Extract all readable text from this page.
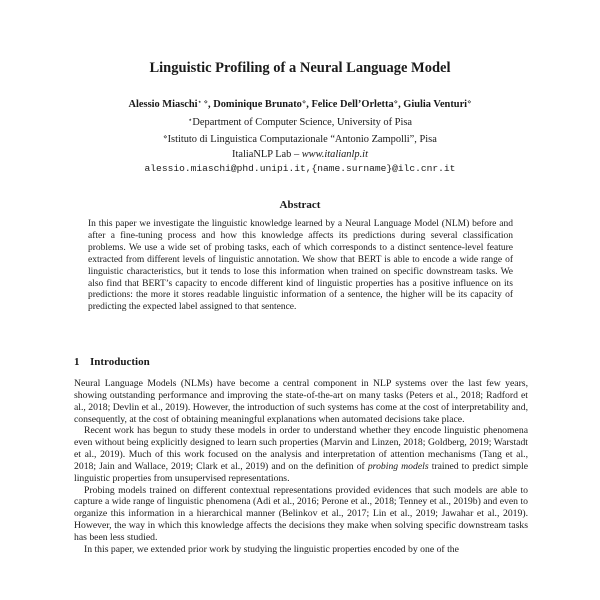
Linguistic Profiling of a Neural Language Model
Alessio Miaschi⋆ ⋄, Dominique Brunato⋄, Felice Dell’Orletta⋄, Giulia Venturi⋄
⋆Department of Computer Science, University of Pisa
⋄Istituto di Linguistica Computazionale “Antonio Zampolli”, Pisa
ItaliaNLP Lab – www.italianlp.it
alessio.miaschi@phd.unipi.it,{name.surname}@ilc.cnr.it
Abstract

In this paper we investigate the linguistic knowledge learned by a Neural Language Model (NLM) before and after a fine-tuning process and how this knowledge affects its predictions during several classification problems. We use a wide set of probing tasks, each of which corresponds to a distinct sentence-level feature extracted from different levels of linguistic annotation. We show that BERT is able to encode a wide range of linguistic characteristics, but it tends to lose this information when trained on specific downstream tasks. We also find that BERT’s capacity to encode different kind of linguistic properties has a positive influence on its predictions: the more it stores readable linguistic information of a sentence, the higher will be its capacity of predicting the expected label assigned to that sentence.

1 Introduction

Neural Language Models (NLMs) have become a central component in NLP systems over the last few years, showing outstanding performance and improving the state-of-the-art on many tasks (Peters et al., 2018; Radford et al., 2018; Devlin et al., 2019). However, the introduction of such systems has come at the cost of interpretability and, consequently, at the cost of obtaining meaningful explanations when automated decisions take place.

Recent work has begun to study these models in order to understand whether they encode linguistic phenomena even without being explicitly designed to learn such properties (Marvin and Linzen, 2018; Goldberg, 2019; Warstadt et al., 2019). Much of this work focused on the analysis and interpretation of attention mechanisms (Tang et al., 2018; Jain and Wallace, 2019; Clark et al., 2019) and on the definition of probing models trained to predict simple linguistic properties from unsupervised representations.

Probing models trained on different contextual representations provided evidences that such models are able to capture a wide range of linguistic phenomena (Adi et al., 2016; Perone et al., 2018; Tenney et al., 2019b) and even to organize this information in a hierarchical manner (Belinkov et al., 2017; Lin et al., 2019; Jawahar et al., 2019). However, the way in which this knowledge affects the decisions they make when solving specific downstream tasks has been less studied.

In this paper, we extended prior work by studying the linguistic properties encoded by one of the
